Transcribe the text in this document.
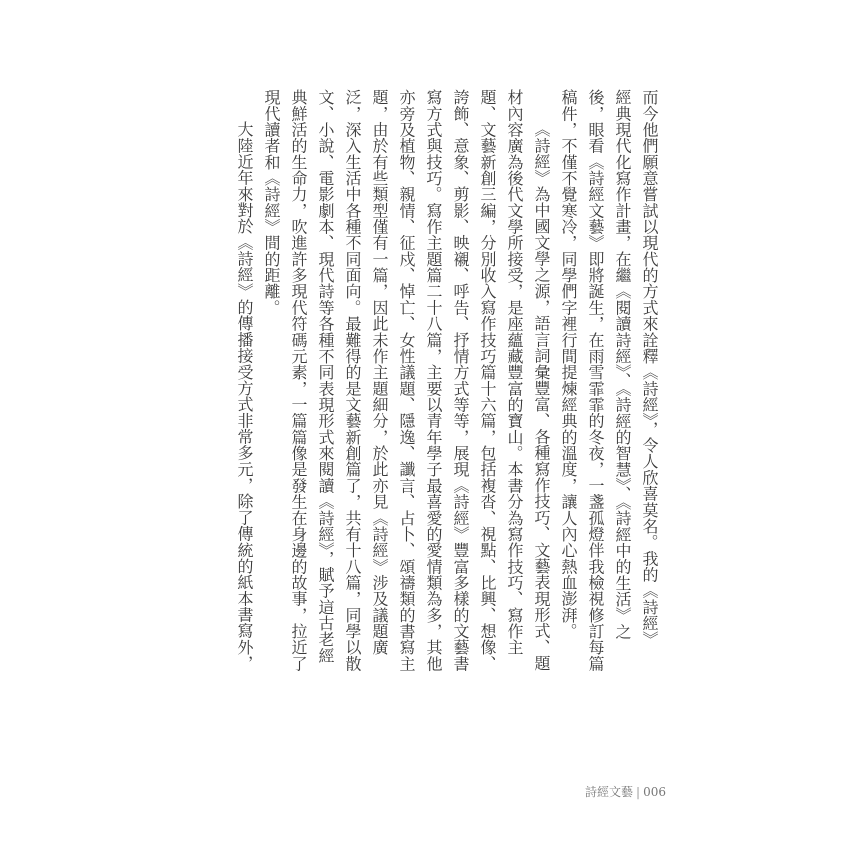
而今他們願意嘗試以現代的方式來詮釋《詩經》，令人欣喜莫名。我的《詩經》
經典現代化寫作計畫，在繼《閱讀詩經》、《詩經的智慧》、《詩經中的生活》之
後，眼看《詩經文藝》即將誕生，在雨雪霏霏的冬夜，一盞孤燈伴我檢視修訂每篇
稿件，不僅不覺寒冷，同學們字裡行間提煉經典的溫度，讓人內心熱血澎湃。
《詩經》為中國文學之源，語言詞彙豐富、各種寫作技巧、文藝表現形式、題
材內容廣為後代文學所接受，是座蘊藏豐富的寶山。本書分為寫作技巧、寫作主
題、文藝新創三編，分別收入寫作技巧篇十六篇，包括複沓、視點、比興、想像、
誇飾、意象、剪影、映襯、呼告、抒情方式等等，展現《詩經》豐富多樣的文藝書
寫方式與技巧。寫作主題篇二十八篇，主要以青年學子最喜愛的愛情類為多，其他
亦旁及植物、親情、征戍、悼亡、女性議題、隱逸、讖言、占卜、頌禱類的書寫主
題，由於有些類型僅有一篇，因此未作主題細分，於此亦見《詩經》涉及議題廣
泛，深入生活中各種不同面向。最難得的是文藝新創篇了，共有十八篇，同學以散
文、小說、電影劇本、現代詩等各種不同表現形式來閱讀《詩經》，賦予這古老經
典鮮活的生命力，吹進許多現代符碼元素，一篇篇像是發生在身邊的故事，拉近了
現代讀者和《詩經》間的距離。
大陸近年來對於《詩經》的傳播接受方式非常多元，除了傳統的紙本書寫外，
詩經文藝 | 006
